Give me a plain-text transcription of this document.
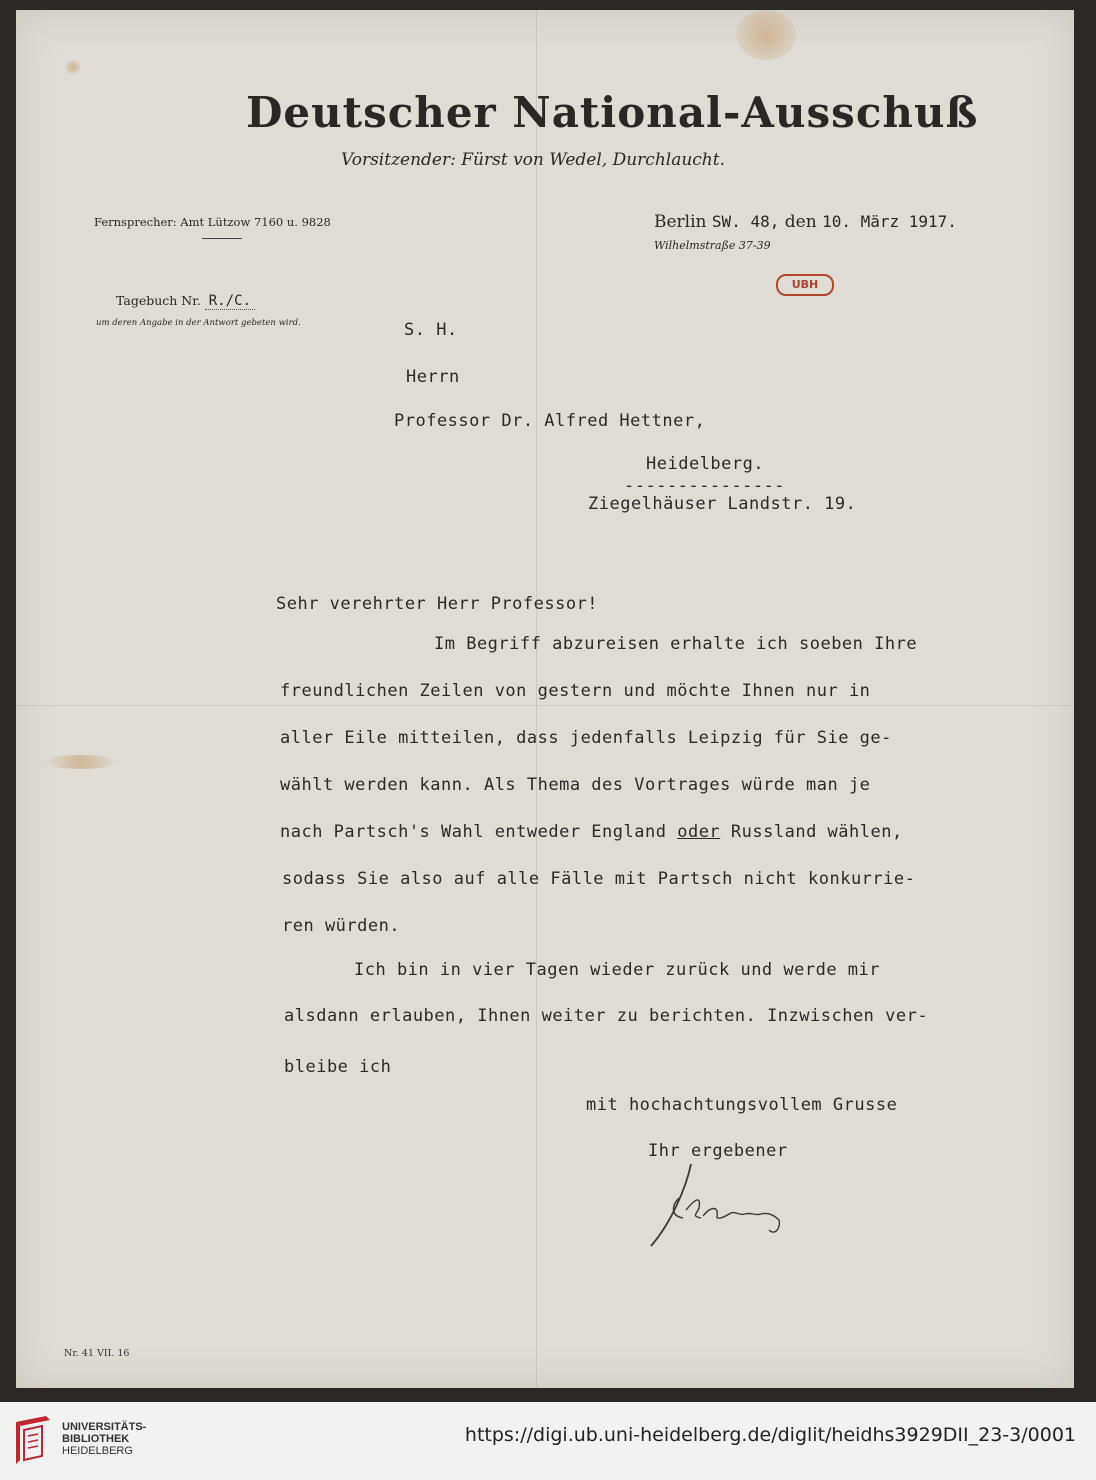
Deutscher National-Ausschuß
Vorsitzender: Fürst von Wedel, Durchlaucht.
Fernsprecher: Amt Lützow 7160 u. 9828	Berlin SW. 48, den 10. März 1917.
Wilhelmstraße 37-39
Tagebuch Nr. R./C.
um deren Angabe in der Antwort gebeten wird.
UBH
S. H.
Herrn
Professor Dr. Alfred Hettner,
Heidelberg.
---------------
Ziegelhäuser Landstr. 19.
Sehr verehrter Herr Professor!
Im Begriff abzureisen erhalte ich soeben Ihre
freundlichen Zeilen von gestern und möchte Ihnen nur in
aller Eile mitteilen, dass jedenfalls Leipzig für Sie ge-
wählt werden kann. Als Thema des Vortrages würde man je
nach Partsch's Wahl entweder England oder Russland wählen,
sodass Sie also auf alle Fälle mit Partsch nicht konkurrie-
ren würden.
Ich bin in vier Tagen wieder zurück und werde mir
alsdann erlauben, Ihnen weiter zu berichten. Inzwischen ver-
bleibe ich
mit hochachtungsvollem Grusse
Ihr ergebener
Nr. 41 VII. 16
UNIVERSITÄTS-
BIBLIOTHEK
HEIDELBERG
https://digi.ub.uni-heidelberg.de/diglit/heidhs3929DII_23-3/0001
